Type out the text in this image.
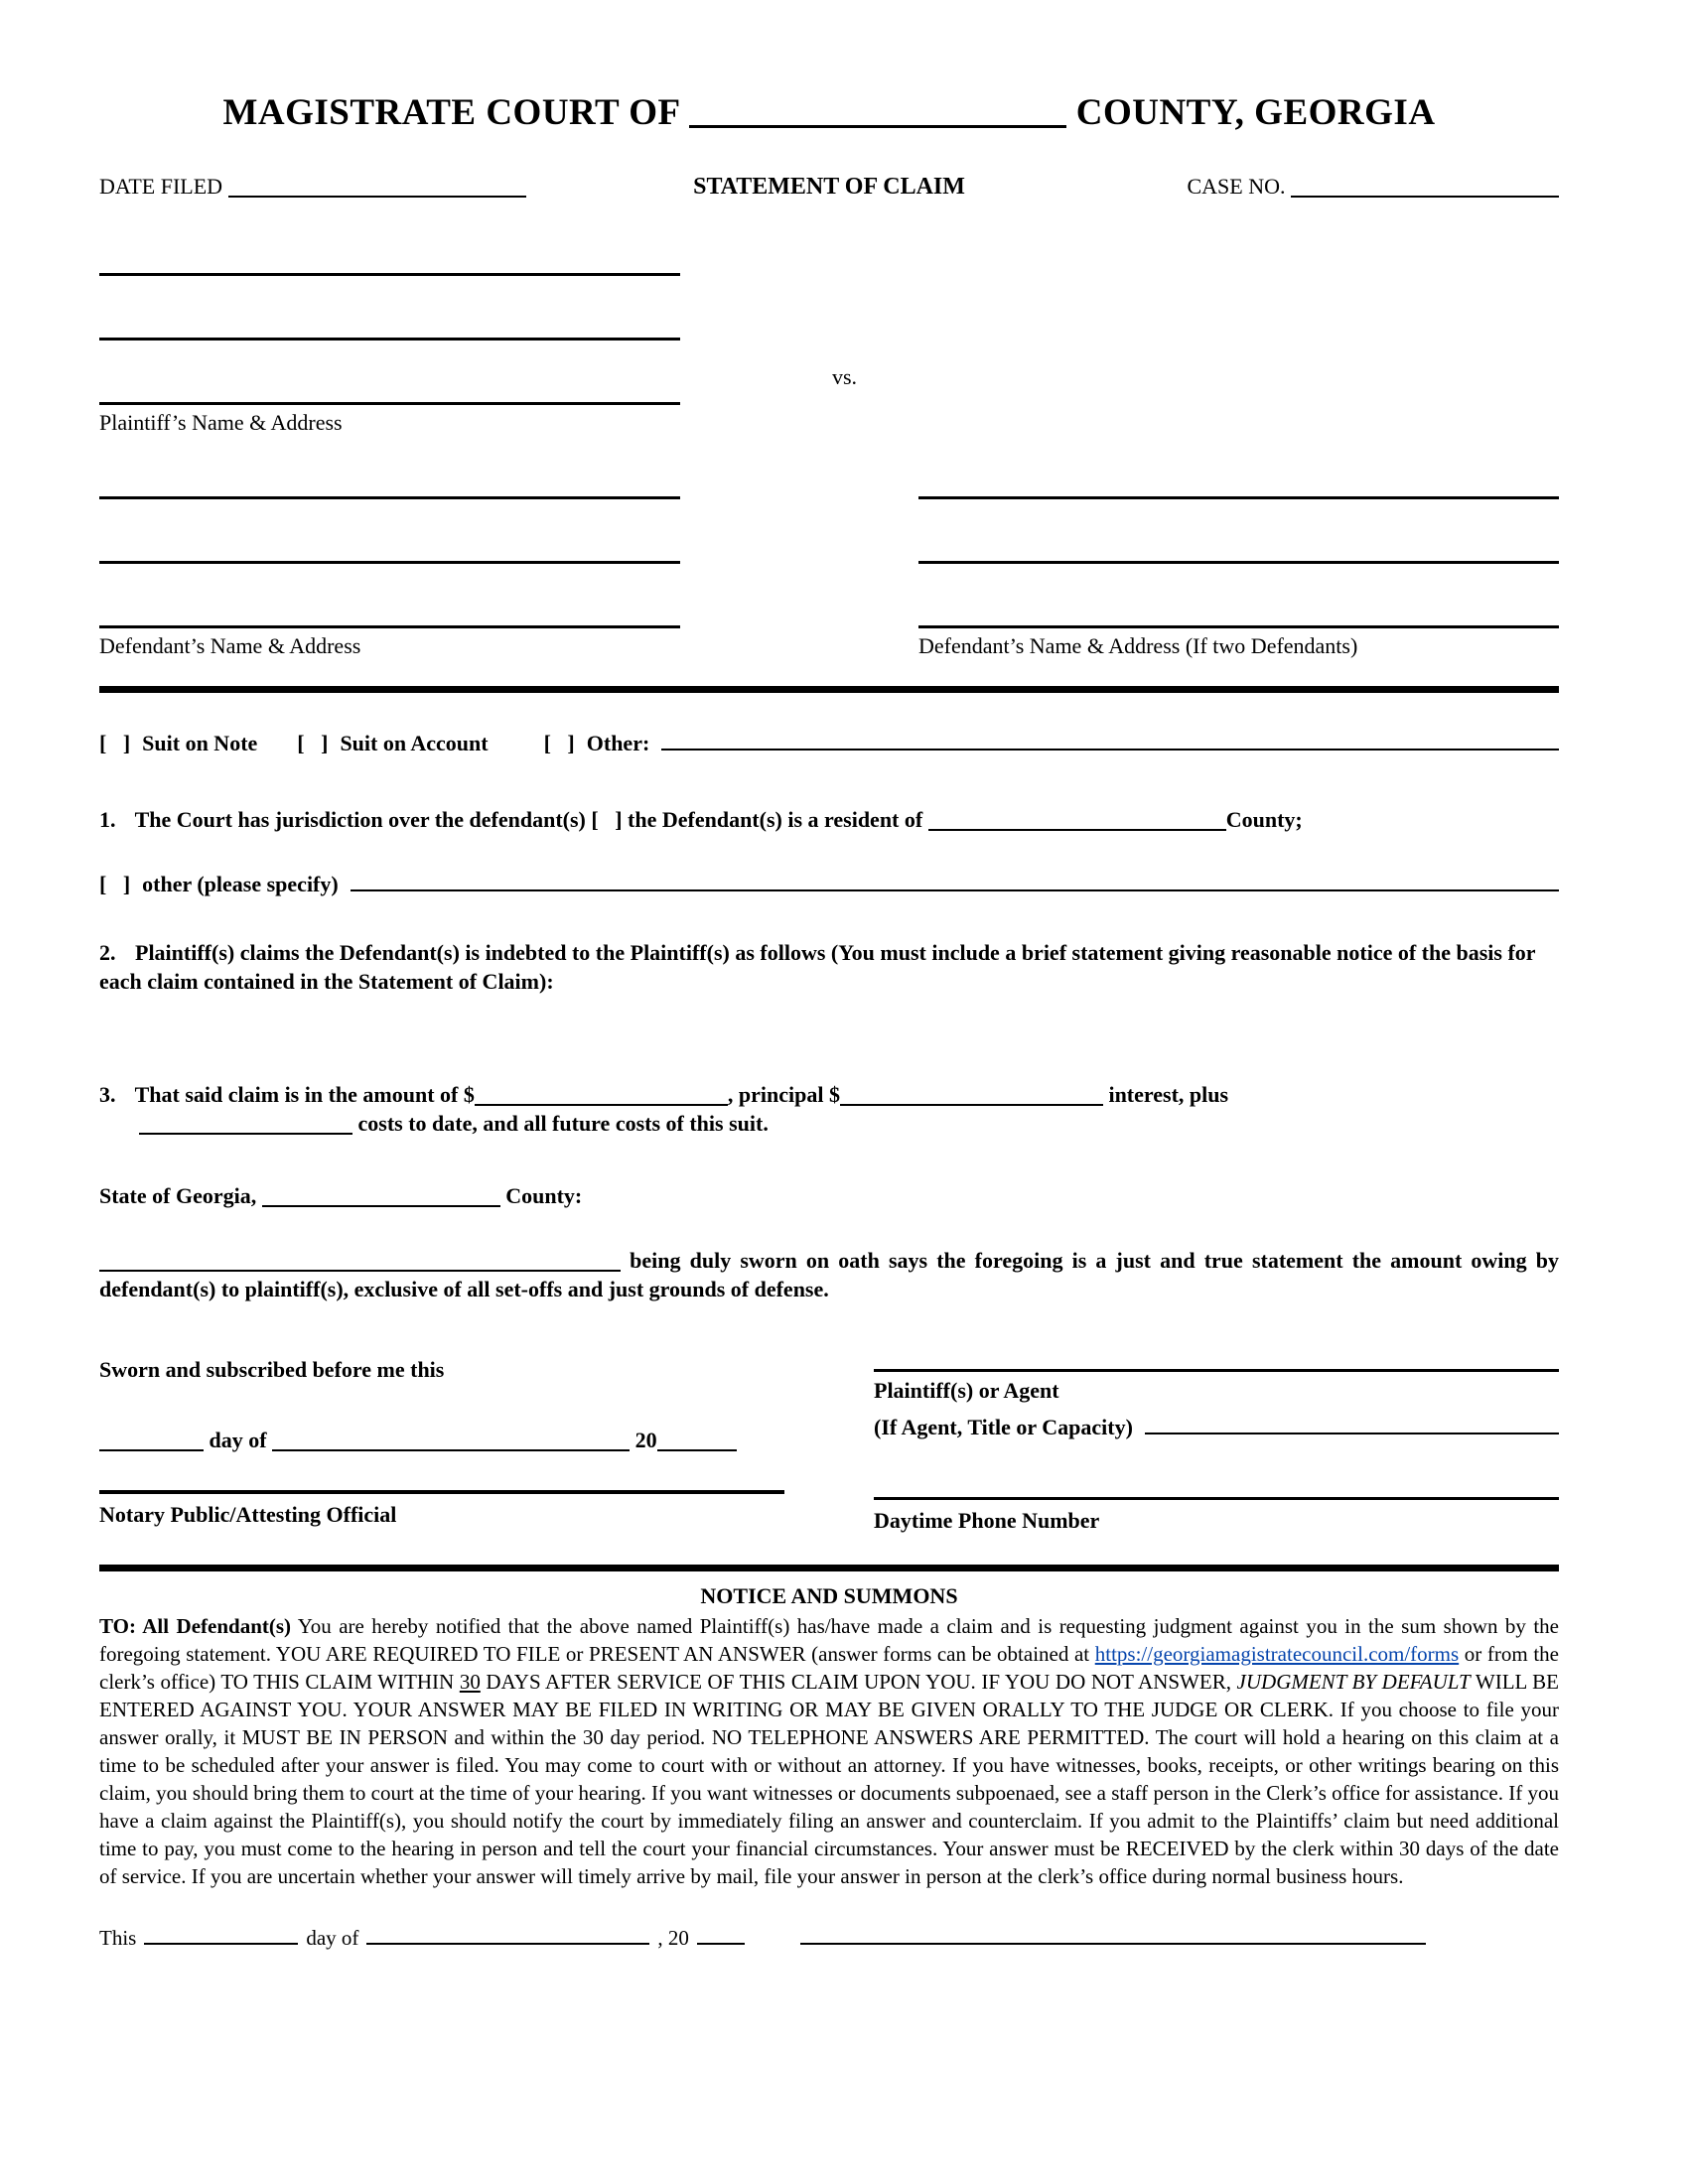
MAGISTRATE COURT OF	COUNTY, GEORGIA
DATE FILED	STATEMENT OF CLAIM	CASE NO.
Plaintiff’s Name & Address
vs.
Defendant’s Name & Address	Defendant’s Name & Address (If two Defendants)
[   ] Suit on Note [   ] Suit on Account	[   ] Other:

1. The Court has jurisdiction over the defendant(s) [   ] the Defendant(s) is a resident of	County;

[   ] other (please specify)

2. Plaintiff(s) claims the Defendant(s) is indebted to the Plaintiff(s) as follows (You must include a brief statement giving reasonable notice of the basis for each claim contained in the Statement of Claim):

3. That said claim is in the amount of $	, principal $	interest, plus

costs to date, and all future costs of this suit.

State of Georgia,	County:
being duly sworn on oath says the foregoing is a just and true statement the amount owing by defendant(s) to plaintiff(s), exclusive of all set-offs and just grounds of defense.
Sworn and subscribed before me this
day of	20
Notary Public/Attesting Official
Plaintiff(s) or Agent
(If Agent, Title or Capacity)
Daytime Phone Number
NOTICE AND SUMMONS
TO: All Defendant(s) You are hereby notified that the above named Plaintiff(s) has/have made a claim and is requesting judgment against you in the sum shown by the foregoing statement. YOU ARE REQUIRED TO FILE or PRESENT AN ANSWER (answer forms can be obtained at https://georgiamagistratecouncil.com/forms or from the clerk’s office) TO THIS CLAIM WITHIN 30 DAYS AFTER SERVICE OF THIS CLAIM UPON YOU. IF YOU DO NOT ANSWER, JUDGMENT BY DEFAULT WILL BE ENTERED AGAINST YOU. YOUR ANSWER MAY BE FILED IN WRITING OR MAY BE GIVEN ORALLY TO THE JUDGE OR CLERK. If you choose to file your answer orally, it MUST BE IN PERSON and within the 30 day period. NO TELEPHONE ANSWERS ARE PERMITTED. The court will hold a hearing on this claim at a time to be scheduled after your answer is filed. You may come to court with or without an attorney. If you have witnesses, books, receipts, or other writings bearing on this claim, you should bring them to court at the time of your hearing. If you want witnesses or documents subpoenaed, see a staff person in the Clerk’s office for assistance. If you have a claim against the Plaintiff(s), you should notify the court by immediately filing an answer and counterclaim. If you admit to the Plaintiffs’ claim but need additional time to pay, you must come to the hearing in person and tell the court your financial circumstances. Your answer must be RECEIVED by the clerk within 30 days of the date of service. If you are uncertain whether your answer will timely arrive by mail, file your answer in person at the clerk’s office during normal business hours.
This	day of	, 20
